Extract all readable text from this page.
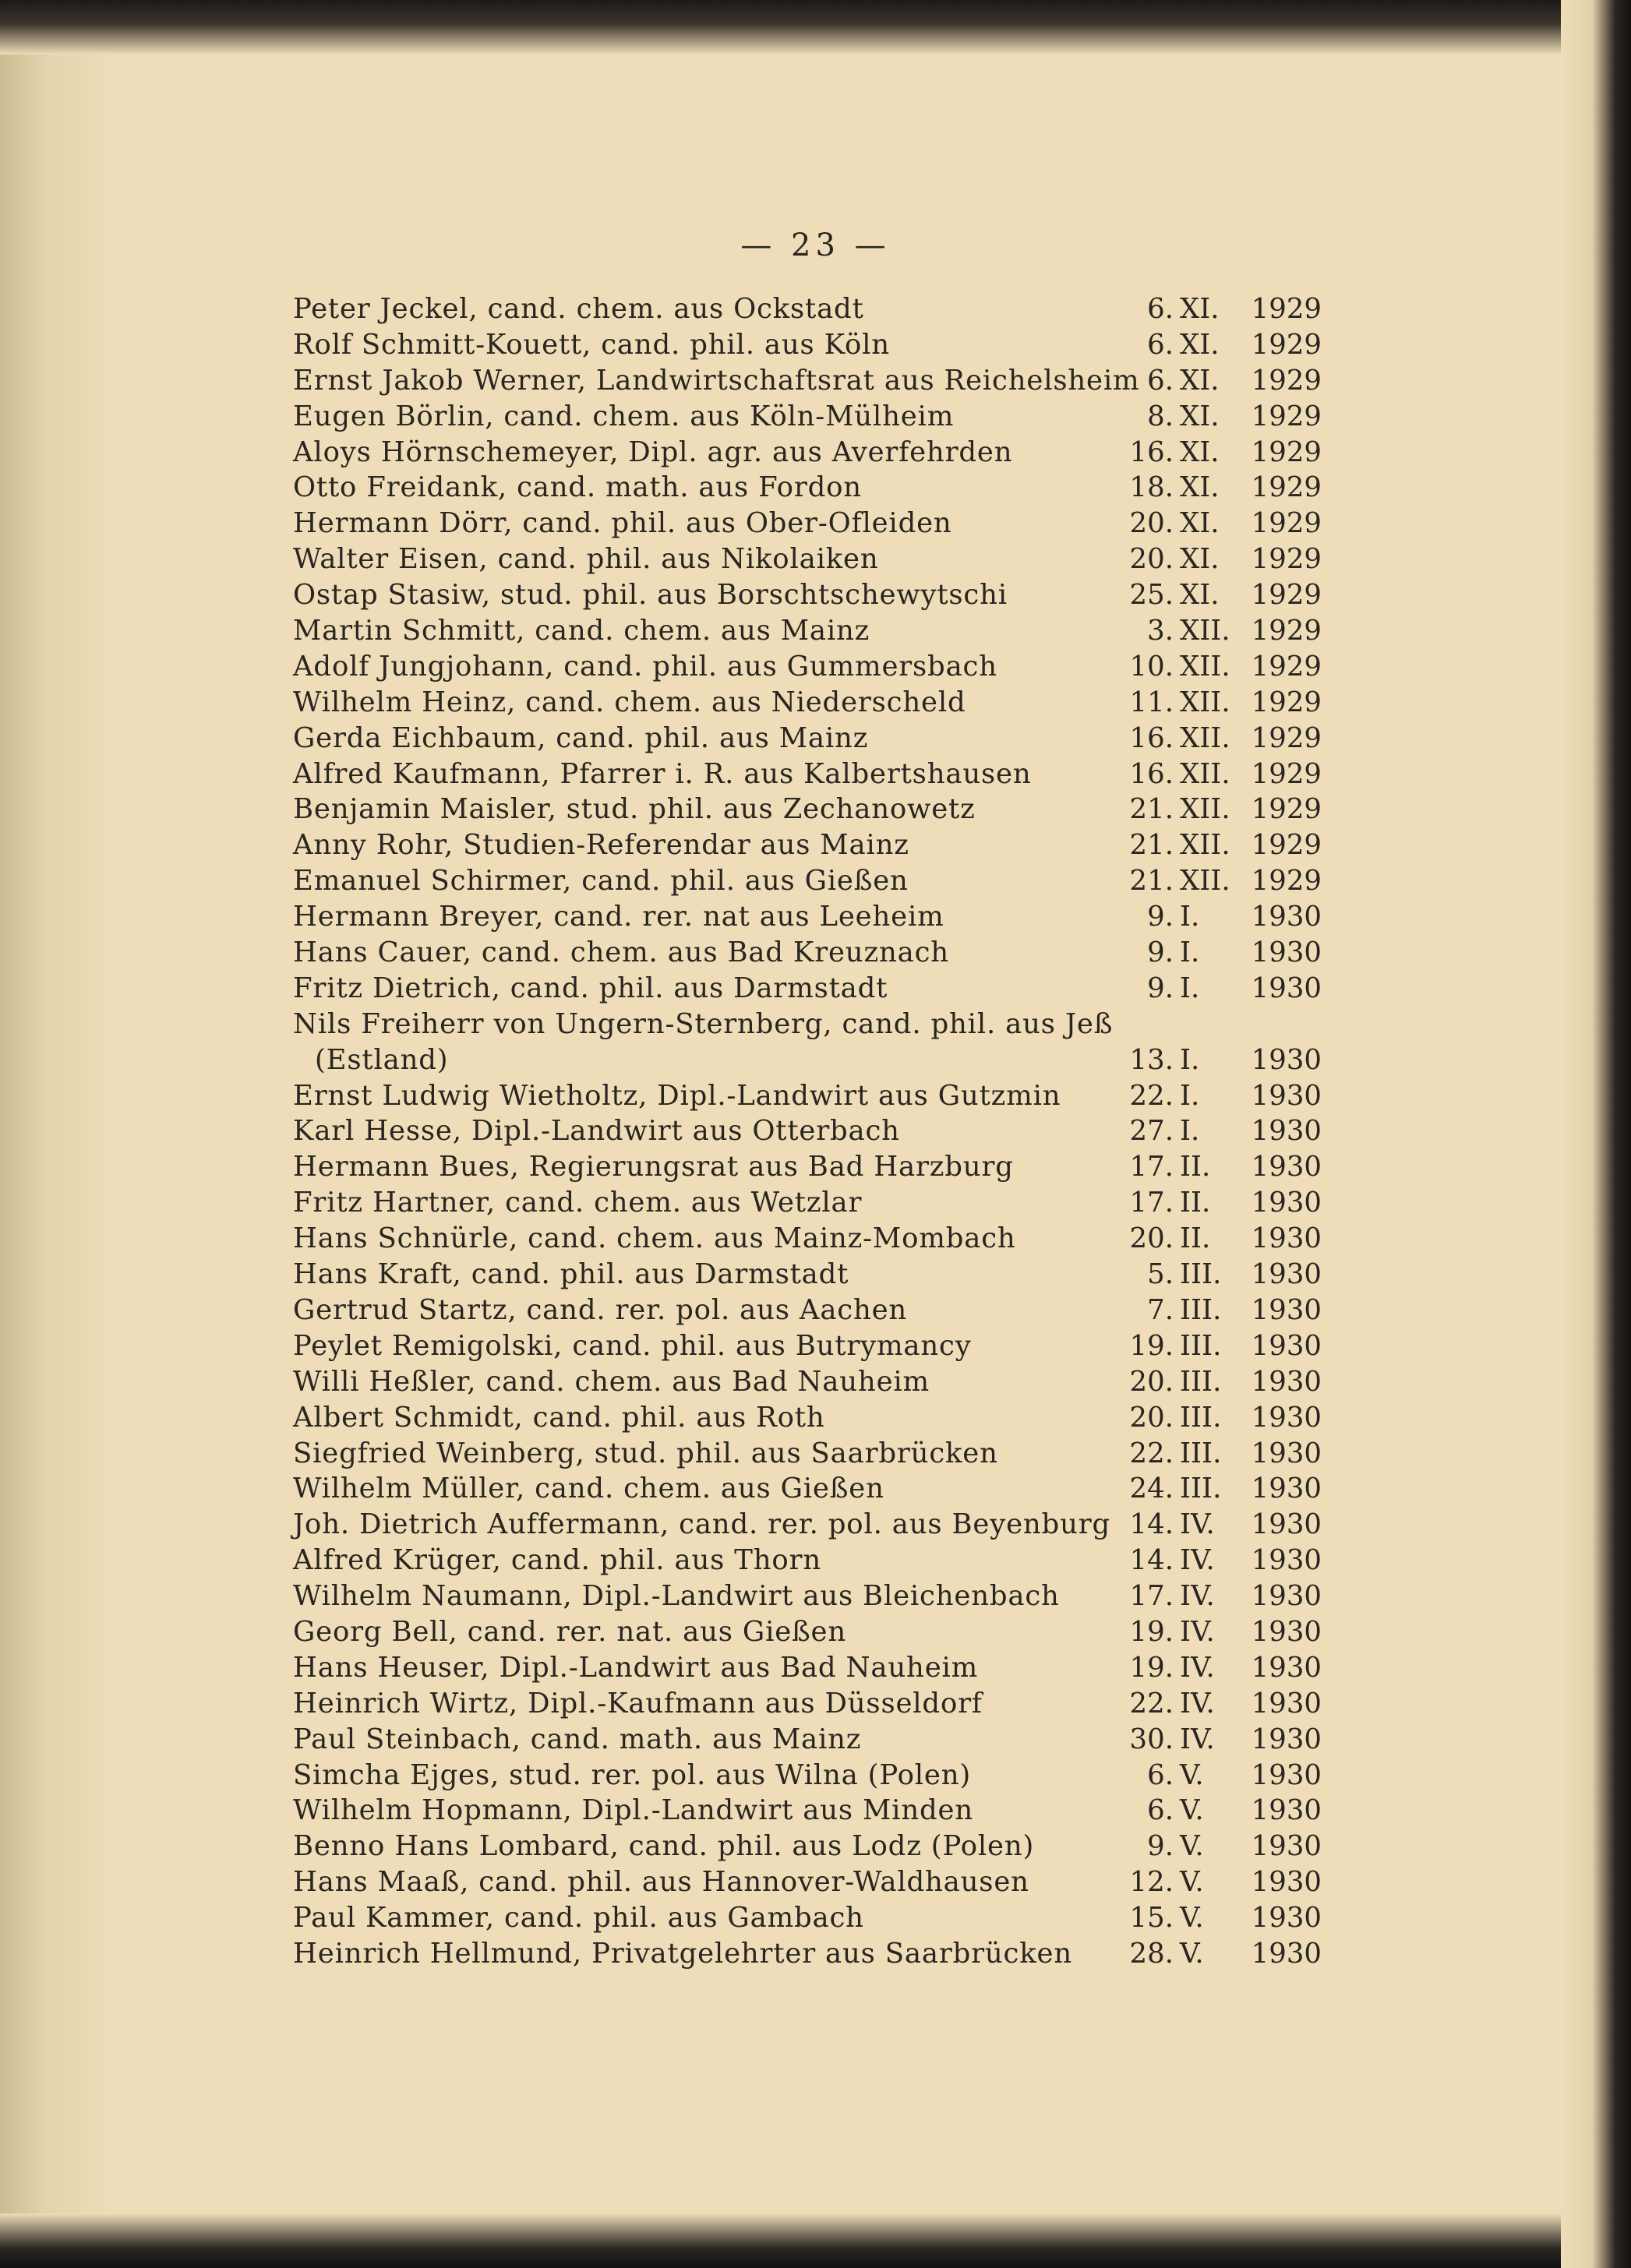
— 23 —
Peter Jeckel, cand. chem. aus Ockstadt	6. XI.	1929
Rolf Schmitt-Kouett, cand. phil. aus Köln	6. XI.	1929
Ernst Jakob Werner, Landwirtschaftsrat aus Reichelsheim 6. XI.	1929
Eugen Börlin, cand. chem. aus Köln-Mülheim	8. XI.	1929
Aloys Hörnschemeyer, Dipl. agr. aus Averfehrden	16. XI.	1929
Otto Freidank, cand. math. aus Fordon	18. XI.	1929
Hermann Dörr, cand. phil. aus Ober-Ofleiden	20. XI.	1929
Walter Eisen, cand. phil. aus Nikolaiken	20. XI.	1929
Ostap Stasiw, stud. phil. aus Borschtschewytschi	25. XI.	1929
Martin Schmitt, cand. chem. aus Mainz	3. XII. 1929
Adolf Jungjohann, cand. phil. aus Gummersbach	10. XII. 1929
Wilhelm Heinz, cand. chem. aus Niederscheld	11. XII. 1929
Gerda Eichbaum, cand. phil. aus Mainz	16. XII. 1929
Alfred Kaufmann, Pfarrer i. R. aus Kalbertshausen	16. XII. 1929
Benjamin Maisler, stud. phil. aus Zechanowetz	21. XII. 1929
Anny Rohr, Studien-Referendar aus Mainz	21. XII. 1929
Emanuel Schirmer, cand. phil. aus Gießen	21. XII. 1929
Hermann Breyer, cand. rer. nat aus Leeheim	9. I.	1930
Hans Cauer, cand. chem. aus Bad Kreuznach	9. I.	1930
Fritz Dietrich, cand. phil. aus Darmstadt	9. I.	1930
Nils Freiherr von Ungern-Sternberg, cand. phil. aus Jeß
(Estland)	13. I.	1930
Ernst Ludwig Wietholtz, Dipl.-Landwirt aus Gutzmin	22. I.	1930
Karl Hesse, Dipl.-Landwirt aus Otterbach	27. I.	1930
Hermann Bues, Regierungsrat aus Bad Harzburg	17. II.	1930
Fritz Hartner, cand. chem. aus Wetzlar	17. II.	1930
Hans Schnürle, cand. chem. aus Mainz-Mombach	20. II.	1930
Hans Kraft, cand. phil. aus Darmstadt	5. III.	1930
Gertrud Startz, cand. rer. pol. aus Aachen	7. III.	1930
Peylet Remigolski, cand. phil. aus Butrymancy	19. III.	1930
Willi Heßler, cand. chem. aus Bad Nauheim	20. III.	1930
Albert Schmidt, cand. phil. aus Roth	20. III.	1930
Siegfried Weinberg, stud. phil. aus Saarbrücken	22. III.	1930
Wilhelm Müller, cand. chem. aus Gießen	24. III.	1930
Joh. Dietrich Auffermann, cand. rer. pol. aus Beyenburg 14. IV.	1930
Alfred Krüger, cand. phil. aus Thorn	14. IV.	1930
Wilhelm Naumann, Dipl.-Landwirt aus Bleichenbach	17. IV.	1930
Georg Bell, cand. rer. nat. aus Gießen	19. IV.	1930
Hans Heuser, Dipl.-Landwirt aus Bad Nauheim	19. IV.	1930
Heinrich Wirtz, Dipl.-Kaufmann aus Düsseldorf	22. IV.	1930
Paul Steinbach, cand. math. aus Mainz	30. IV.	1930
Simcha Ejges, stud. rer. pol. aus Wilna (Polen)	6. V.	1930
Wilhelm Hopmann, Dipl.-Landwirt aus Minden	6. V.	1930
Benno Hans Lombard, cand. phil. aus Lodz (Polen)	9. V.	1930
Hans Maaß, cand. phil. aus Hannover-Waldhausen	12. V.	1930
Paul Kammer, cand. phil. aus Gambach	15. V.	1930
Heinrich Hellmund, Privatgelehrter aus Saarbrücken	28. V.	1930
